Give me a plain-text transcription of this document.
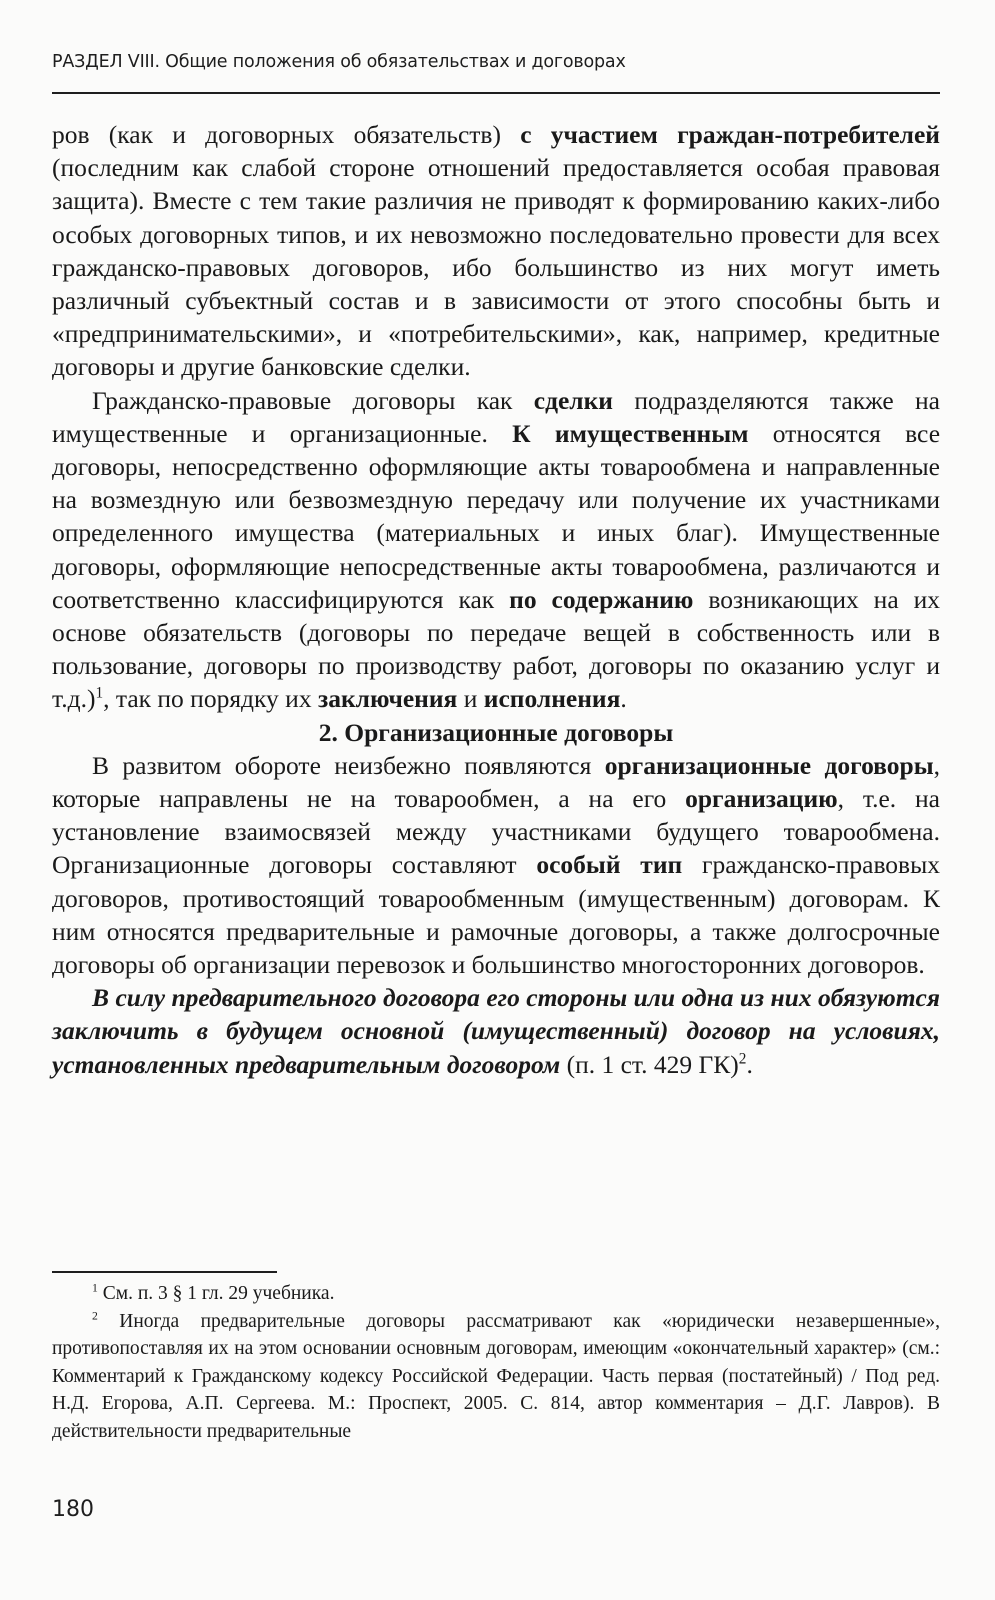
РАЗДЕЛ VIII. Общие положения об обязательствах и договорах

ров (как и договорных обязательств) с участием граждан-потребителей (последним как слабой стороне отношений предоставляется особая правовая защита). Вместе с тем такие различия не приводят к формированию каких-либо особых договорных типов, и их невозможно последовательно провести для всех гражданско-правовых договоров, ибо большинство из них могут иметь различный субъектный состав и в зависимости от этого способны быть и «предпринимательскими», и «потребительскими», как, например, кредитные договоры и другие банковские сделки.

Гражданско-правовые договоры как сделки подразделяются также на имущественные и организационные. К имущественным относятся все договоры, непосредственно оформляющие акты товарообмена и направленные на возмездную или безвозмездную передачу или получение их участниками определенного имущества (материальных и иных благ). Имущественные договоры, оформляющие непосредственные акты товарообмена, различаются и соответственно классифицируются как по содержанию возникающих на их основе обязательств (договоры по передаче вещей в собственность или в пользование, договоры по производству работ, договоры по оказанию услуг и т.д.)$^1$, так по порядку их заключения и исполнения.

2. Организационные договоры

В развитом обороте неизбежно появляются организационные договоры, которые направлены не на товарообмен, а на его организацию, т.е. на установление взаимосвязей между участниками будущего товарообмена. Организационные договоры составляют особый тип гражданско-правовых договоров, противостоящий товарообменным (имущественным) договорам. К ним относятся предварительные и рамочные договоры, а также долгосрочные договоры об организации перевозок и большинство многосторонних договоров.

В силу предварительного договора его стороны или одна из них обязуются заключить в будущем основной (имущественный) договор на условиях, установленных предварительным договором (п. 1 ст. 429 ГК)$^2$.

$^1$ См. п. 3 § 1 гл. 29 учебника.

$^2$ Иногда предварительные договоры рассматривают как «юридически незавершенные», противопоставляя их на этом основании основным договорам, имеющим «окончательный характер» (см.: Комментарий к Гражданскому кодексу Российской Федерации. Часть первая (постатейный) / Под ред. Н.Д. Егорова, А.П. Сергеева. М.: Проспект, 2005. С. 814, автор комментария – Д.Г. Лавров). В действительности предварительные

180
